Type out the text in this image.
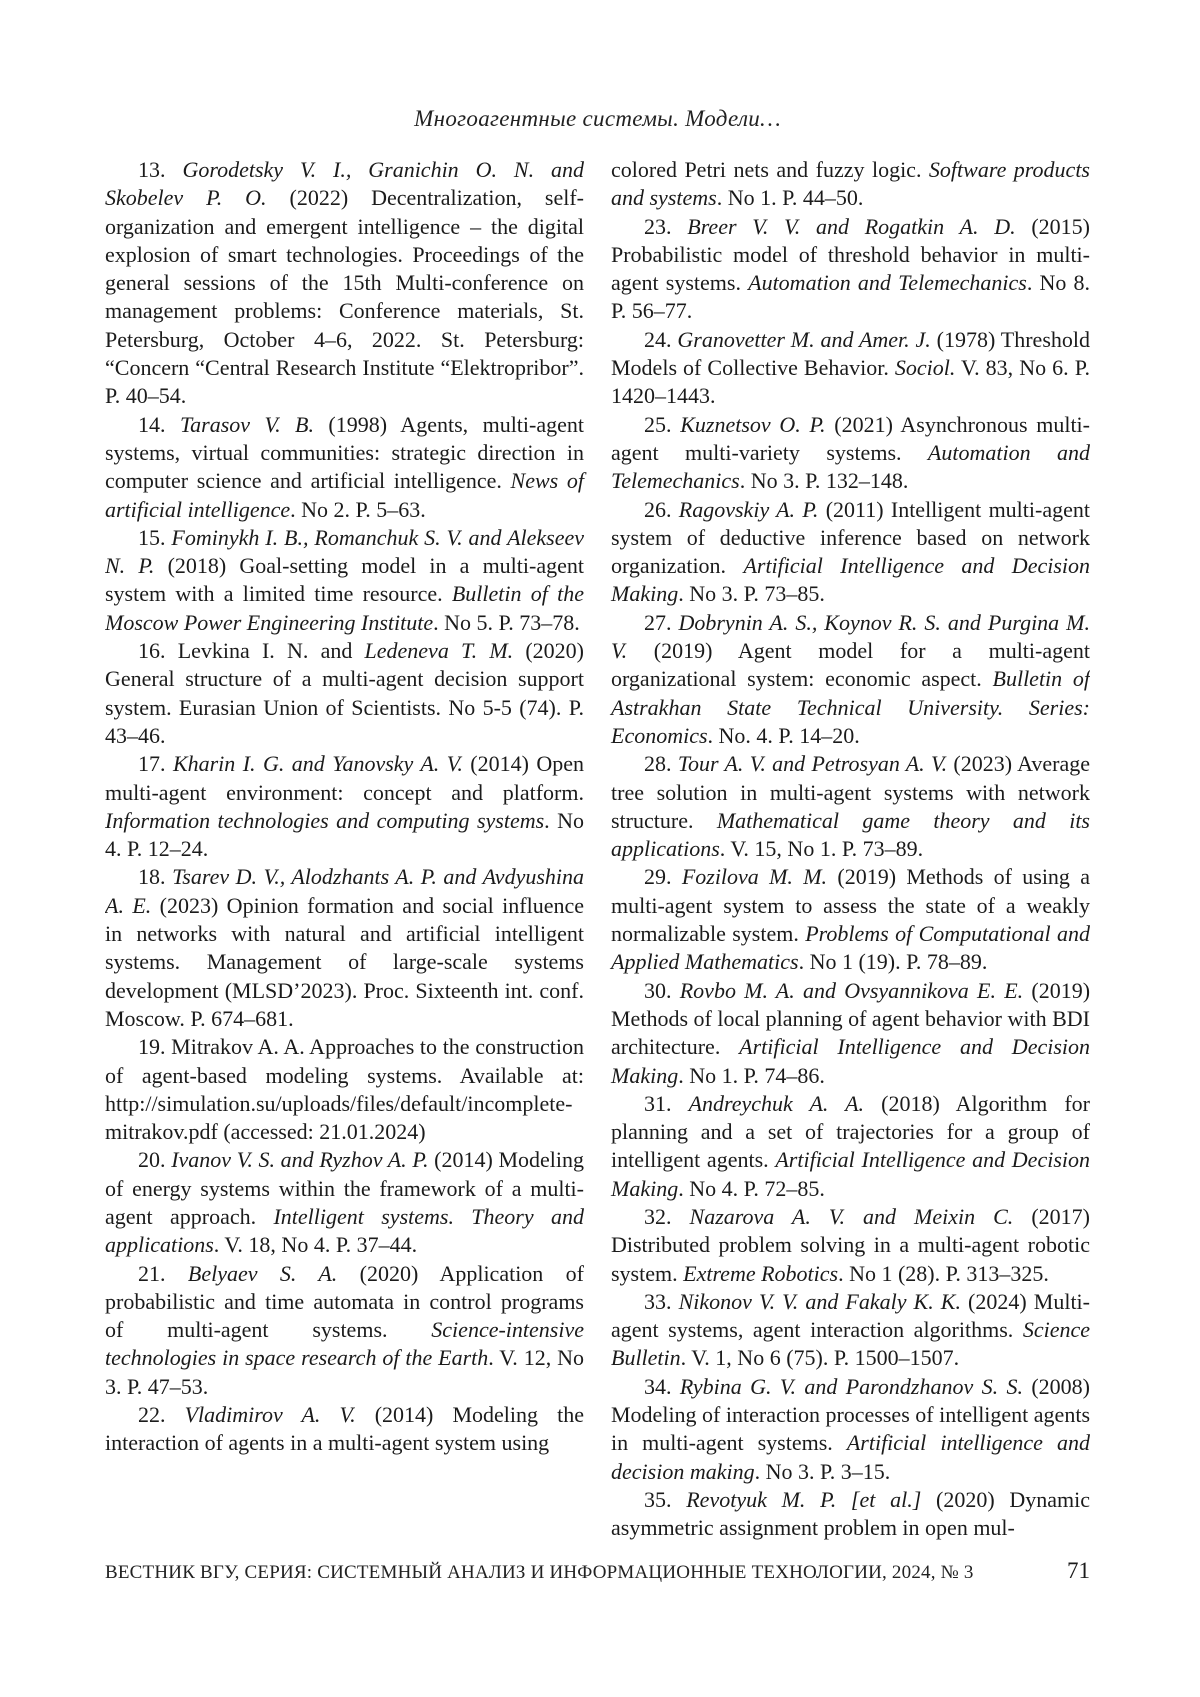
Многоагентные системы. Модели…

13. Gorodetsky V. I., Granichin O. N. and Skobelev P. O. (2022) Decentralization, self-organization and emergent intelligence – the digital explosion of smart technologies. Proceedings of the general sessions of the 15th Multi-conference on management problems: Conference materials, St. Petersburg, October 4–6, 2022. St. Petersburg: “Concern “Central Research Institute “Elektropribor”. P. 40–54.

14. Tarasov V. B. (1998) Agents, multi-agent systems, virtual communities: strategic direction in computer science and artificial intelligence. News of artificial intelligence. No 2. P. 5–63.

15. Fominykh I. B., Romanchuk S. V. and Alekseev N. P. (2018) Goal-setting model in a multi-agent system with a limited time resource. Bulletin of the Moscow Power Engineering Institute. No 5. P. 73–78.

16. Levkina I. N. and Ledeneva T. M. (2020) General structure of a multi-agent decision support system. Eurasian Union of Scientists. No 5-5 (74). P. 43–46.

17. Kharin I. G. and Yanovsky A. V. (2014) Open multi-agent environment: concept and platform. Information technologies and computing systems. No 4. P. 12–24.

18. Tsarev D. V., Alodzhants A. P. and Avdyushina A. E. (2023) Opinion formation and social influence in networks with natural and artificial intelligent systems. Management of large-scale systems development (MLSD’2023). Proc. Sixteenth int. conf. Moscow. P. 674–681.

19. Mitrakov A. A. Approaches to the construction of agent-based modeling systems. Available at: http://simulation.su/uploads/files/default/incomplete-mitrakov.pdf (accessed: 21.01.2024)

20. Ivanov V. S. and Ryzhov A. P. (2014) Modeling of energy systems within the framework of a multi-agent approach. Intelligent systems. Theory and applications. V. 18, No 4. P. 37–44.

21. Belyaev S. A. (2020) Application of probabilistic and time automata in control programs of multi-agent systems. Science-intensive technologies in space research of the Earth. V. 12, No 3. P. 47–53.

22. Vladimirov A. V. (2014) Modeling the interaction of agents in a multi-agent system using

colored Petri nets and fuzzy logic. Software products and systems. No 1. P. 44–50.

23. Breer V. V. and Rogatkin A. D. (2015) Probabilistic model of threshold behavior in multi-agent systems. Automation and Telemechanics. No 8. P. 56–77.

24. Granovetter M. and Amer. J. (1978) Threshold Models of Collective Behavior. Sociol. V. 83, No 6. P. 1420–1443.

25. Kuznetsov O. P. (2021) Asynchronous multi-agent multi-variety systems. Automation and Telemechanics. No 3. P. 132–148.

26. Ragovskiy A. P. (2011) Intelligent multi-agent system of deductive inference based on network organization. Artificial Intelligence and Decision Making. No 3. P. 73–85.

27. Dobrynin A. S., Koynov R. S. and Purgina M. V. (2019) Agent model for a multi-agent organizational system: economic aspect. Bulletin of Astrakhan State Technical University. Series: Economics. No. 4. P. 14–20.

28. Tour A. V. and Petrosyan A. V. (2023) Average tree solution in multi-agent systems with network structure. Mathematical game theory and its applications. V. 15, No 1. P. 73–89.

29. Fozilova M. M. (2019) Methods of using a multi-agent system to assess the state of a weakly normalizable system. Problems of Computational and Applied Mathematics. No 1 (19). P. 78–89.

30. Rovbo M. A. and Ovsyannikova E. E. (2019) Methods of local planning of agent behavior with BDI architecture. Artificial Intelligence and Decision Making. No 1. P. 74–86.

31. Andreychuk A. A. (2018) Algorithm for planning and a set of trajectories for a group of intelligent agents. Artificial Intelligence and Decision Making. No 4. P. 72–85.

32. Nazarova A. V. and Meixin C. (2017) Distributed problem solving in a multi-agent robotic system. Extreme Robotics. No 1 (28). P. 313–325.

33. Nikonov V. V. and Fakaly K. K. (2024) Multi-agent systems, agent interaction algorithms. Science Bulletin. V. 1, No 6 (75). P. 1500–1507.

34. Rybina G. V. and Parondzhanov S. S. (2008) Modeling of interaction processes of intelligent agents in multi-agent systems. Artificial intelligence and decision making. No 3. P. 3–15.

35. Revotyuk M. P. [et al.] (2020) Dynamic asymmetric assignment problem in open mul-

ВЕСТНИК ВГУ, СЕРИЯ: СИСТЕМНЫЙ АНАЛИЗ И ИНФОРМАЦИОННЫЕ ТЕХНОЛОГИИ, 2024, № 3	71
